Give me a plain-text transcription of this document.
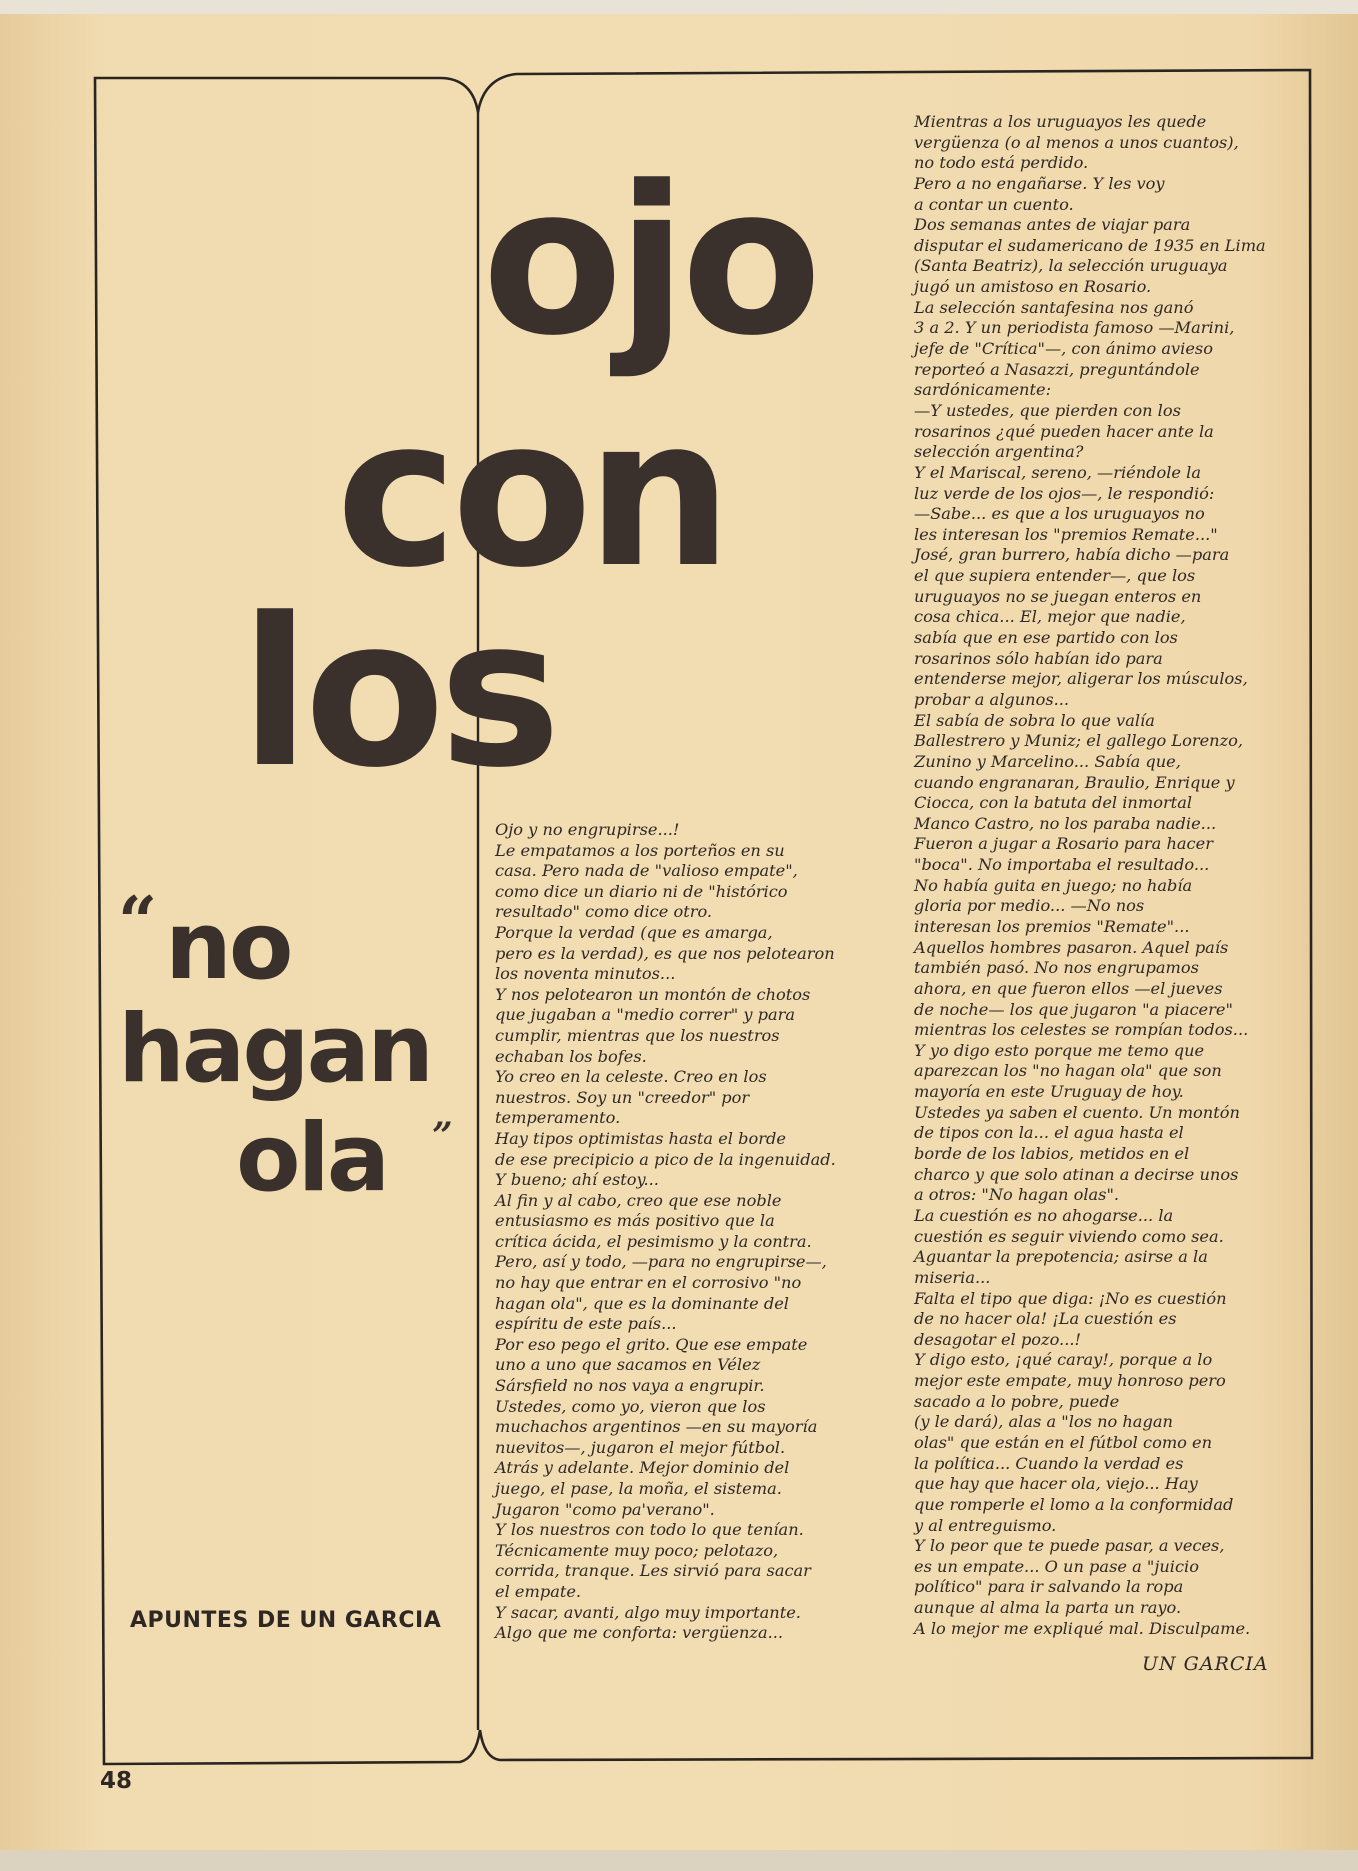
ojo
con
los
“ no
hagan
ola ”
APUNTES DE UN GARCIA
Ojo y no engrupirse...!
Le empatamos a los porteños en su
casa. Pero nada de "valioso empate",
como dice un diario ni de "histórico
resultado" como dice otro.
Porque la verdad (que es amarga,
pero es la verdad), es que nos pelotearon
los noventa minutos...
Y nos pelotearon un montón de chotos
que jugaban a "medio correr" y para
cumplir, mientras que los nuestros
echaban los bofes.
Yo creo en la celeste. Creo en los
nuestros. Soy un "creedor" por
temperamento.
Hay tipos optimistas hasta el borde
de ese precipicio a pico de la ingenuidad.
Y bueno; ahí estoy...
Al fin y al cabo, creo que ese noble
entusiasmo es más positivo que la
crítica ácida, el pesimismo y la contra.
Pero, así y todo, —para no engrupirse—,
no hay que entrar en el corrosivo "no
hagan ola", que es la dominante del
espíritu de este país...
Por eso pego el grito. Que ese empate
uno a uno que sacamos en Vélez
Sársfield no nos vaya a engrupir.
Ustedes, como yo, vieron que los
muchachos argentinos —en su mayoría
nuevitos—, jugaron el mejor fútbol.
Atrás y adelante. Mejor dominio del
juego, el pase, la moña, el sistema.
Jugaron "como pa'verano".
Y los nuestros con todo lo que tenían.
Técnicamente muy poco; pelotazo,
corrida, tranque. Les sirvió para sacar
el empate.
Y sacar, avanti, algo muy importante.
Algo que me conforta: vergüenza...
Mientras a los uruguayos les quede
vergüenza (o al menos a unos cuantos),
no todo está perdido.
Pero a no engañarse. Y les voy
a contar un cuento.
Dos semanas antes de viajar para
disputar el sudamericano de 1935 en Lima
(Santa Beatriz), la selección uruguaya
jugó un amistoso en Rosario.
La selección santafesina nos ganó
3 a 2. Y un periodista famoso —Marini,
jefe de "Crítica"—, con ánimo avieso
reporteó a Nasazzi, preguntándole
sardónicamente:
—Y ustedes, que pierden con los
rosarinos ¿qué pueden hacer ante la
selección argentina?
Y el Mariscal, sereno, —riéndole la
luz verde de los ojos—, le respondió:
—Sabe... es que a los uruguayos no
les interesan los "premios Remate..."
José, gran burrero, había dicho —para
el que supiera entender—, que los
uruguayos no se juegan enteros en
cosa chica... El, mejor que nadie,
sabía que en ese partido con los
rosarinos sólo habían ido para
entenderse mejor, aligerar los músculos,
probar a algunos...
El sabía de sobra lo que valía
Ballestrero y Muniz; el gallego Lorenzo,
Zunino y Marcelino... Sabía que,
cuando engranaran, Braulio, Enrique y
Ciocca, con la batuta del inmortal
Manco Castro, no los paraba nadie...
Fueron a jugar a Rosario para hacer
"boca". No importaba el resultado...
No había guita en juego; no había
gloria por medio... —No nos
interesan los premios "Remate"...
Aquellos hombres pasaron. Aquel país
también pasó. No nos engrupamos
ahora, en que fueron ellos —el jueves
de noche— los que jugaron "a piacere"
mientras los celestes se rompían todos...
Y yo digo esto porque me temo que
aparezcan los "no hagan ola" que son
mayoría en este Uruguay de hoy.
Ustedes ya saben el cuento. Un montón
de tipos con la... el agua hasta el
borde de los labios, metidos en el
charco y que solo atinan a decirse unos
a otros: "No hagan olas".
La cuestión es no ahogarse... la
cuestión es seguir viviendo como sea.
Aguantar la prepotencia; asirse a la
miseria...
Falta el tipo que diga: ¡No es cuestión
de no hacer ola! ¡La cuestión es
desagotar el pozo...!
Y digo esto, ¡qué caray!, porque a lo
mejor este empate, muy honroso pero
sacado a lo pobre, puede
(y le dará), alas a "los no hagan
olas" que están en el fútbol como en
la política... Cuando la verdad es
que hay que hacer ola, viejo... Hay
que romperle el lomo a la conformidad
y al entreguismo.
Y lo peor que te puede pasar, a veces,
es un empate... O un pase a "juicio
político" para ir salvando la ropa
aunque al alma la parta un rayo.
A lo mejor me expliqué mal. Disculpame.
UN GARCIA
48
